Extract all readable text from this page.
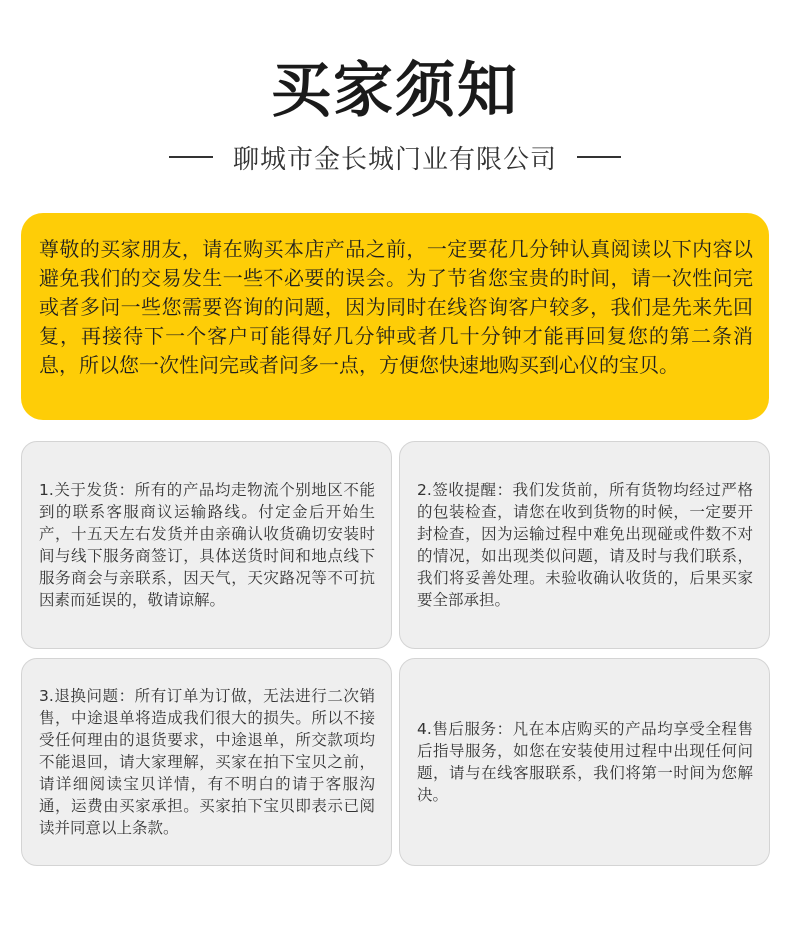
买家须知
聊城市金长城门业有限公司

尊敬的买家朋友，请在购买本店产品之前，一定要花几分钟认真阅读以下内容以避免我们的交易发生一些不必要的误会。为了节省您宝贵的时间，请一次性问完或者多问一些您需要咨询的问题，因为同时在线咨询客户较多，我们是先来先回复，再接待下一个客户可能得好几分钟或者几十分钟才能再回复您的第二条消息，所以您一次性问完或者问多一点，方便您快速地购买到心仪的宝贝。

1.关于发货：所有的产品均走物流个别地区不能到的联系客服商议运输路线。付定金后开始生产，十五天左右发货并由亲确认收货确切安装时间与线下服务商签订，具体送货时间和地点线下服务商会与亲联系，因天气，天灾路况等不可抗因素而延误的，敬请谅解。

2.签收提醒：我们发货前，所有货物均经过严格的包装检查，请您在收到货物的时候，一定要开封检查，因为运输过程中难免出现碰或件数不对的情况，如出现类似问题，请及时与我们联系，我们将妥善处理。未验收确认收货的，后果买家要全部承担。

3.退换问题：所有订单为订做，无法进行二次销售，中途退单将造成我们很大的损失。所以不接受任何理由的退货要求，中途退单，所交款项均不能退回，请大家理解，买家在拍下宝贝之前，请详细阅读宝贝详情，有不明白的请于客服沟通，运费由买家承担。买家拍下宝贝即表示已阅读并同意以上条款。

4.售后服务：凡在本店购买的产品均享受全程售后指导服务，如您在安装使用过程中出现任何问题，请与在线客服联系，我们将第一时间为您解决。
